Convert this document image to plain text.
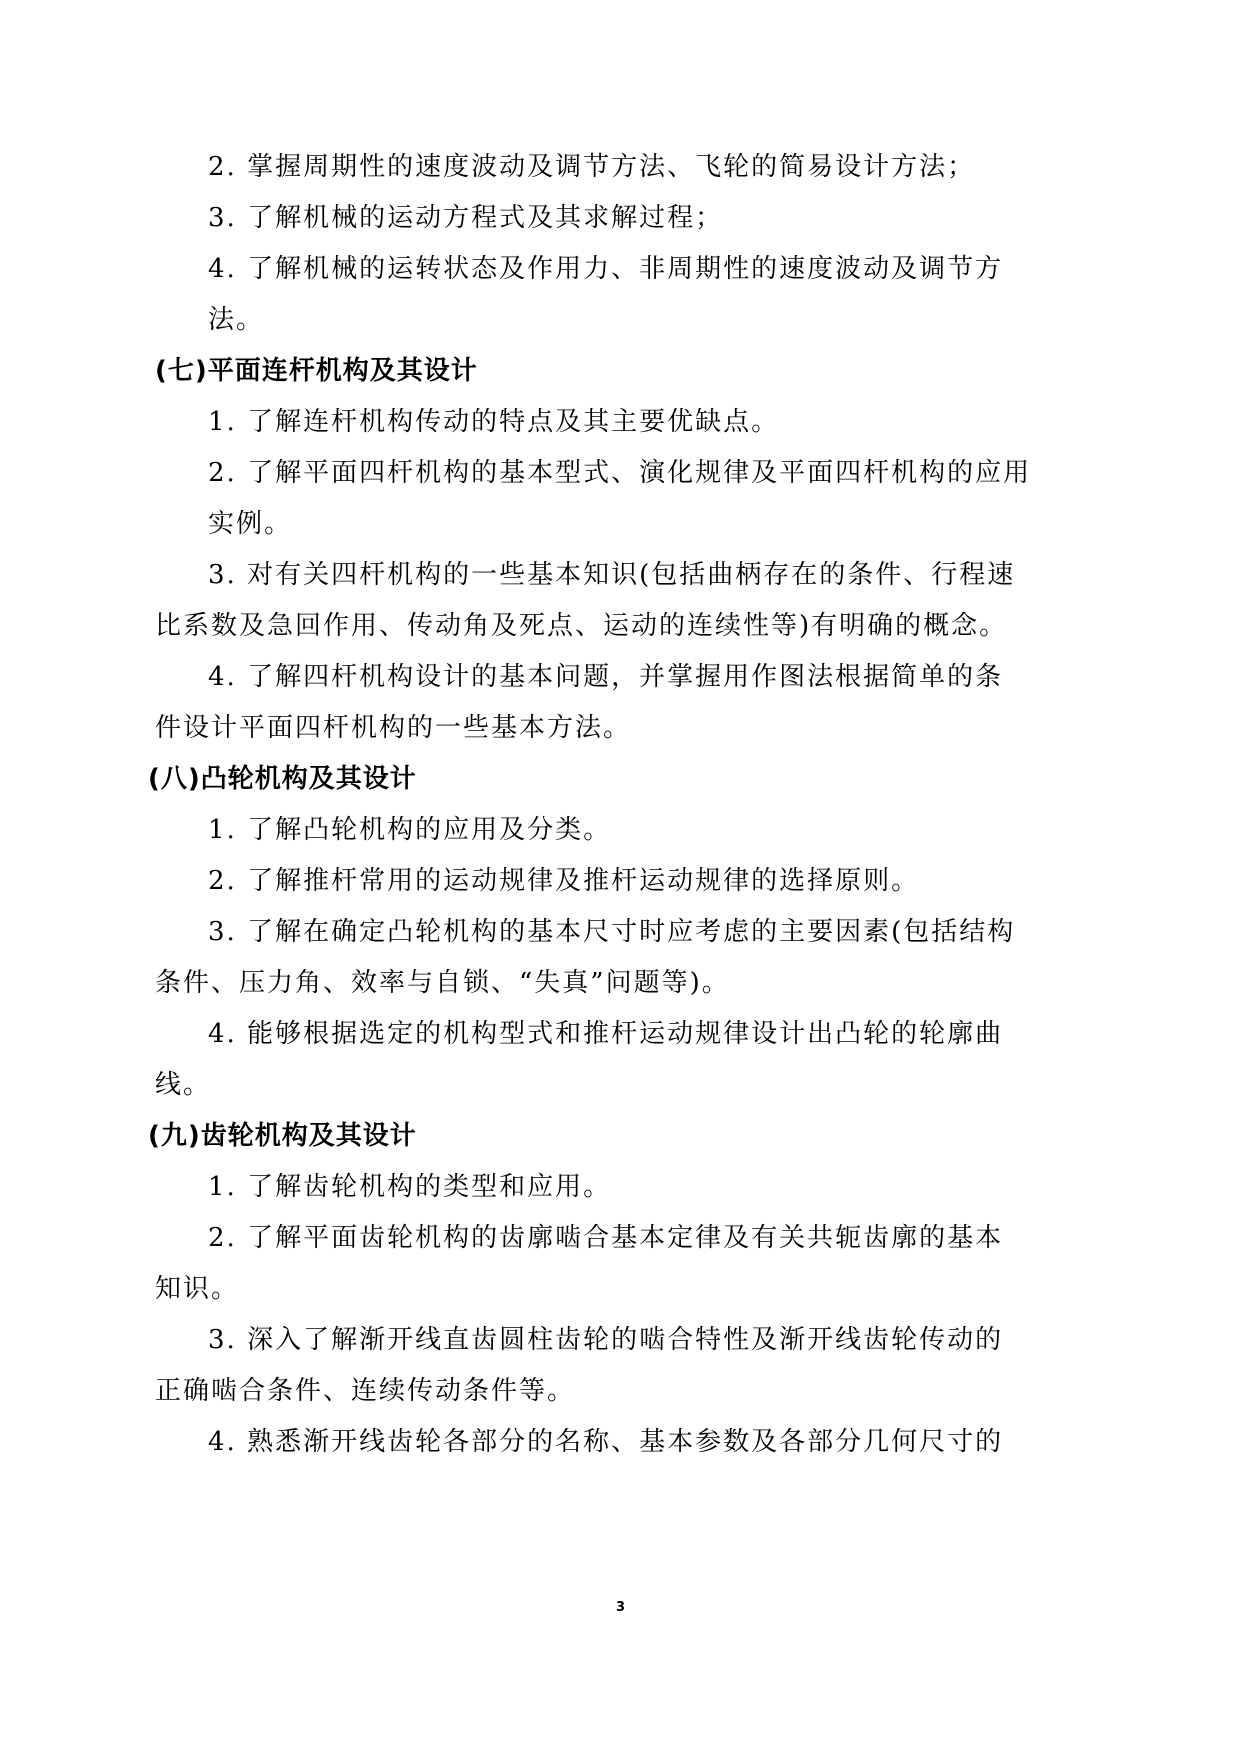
2. 掌握周期性的速度波动及调节方法、飞轮的简易设计方法；
3. 了解机械的运动方程式及其求解过程；
4. 了解机械的运转状态及作用力、非周期性的速度波动及调节方
法。
(七)平面连杆机构及其设计
1. 了解连杆机构传动的特点及其主要优缺点。
2. 了解平面四杆机构的基本型式、演化规律及平面四杆机构的应用
实例。
3. 对有关四杆机构的一些基本知识(包括曲柄存在的条件、行程速
比系数及急回作用、传动角及死点、运动的连续性等)有明确的概念。
4. 了解四杆机构设计的基本问题，并掌握用作图法根据简单的条
件设计平面四杆机构的一些基本方法。
(八)凸轮机构及其设计
1. 了解凸轮机构的应用及分类。
2. 了解推杆常用的运动规律及推杆运动规律的选择原则。
3. 了解在确定凸轮机构的基本尺寸时应考虑的主要因素(包括结构
条件、压力角、效率与自锁、“失真”问题等)。
4. 能够根据选定的机构型式和推杆运动规律设计出凸轮的轮廓曲
线。
(九)齿轮机构及其设计
1. 了解齿轮机构的类型和应用。
2. 了解平面齿轮机构的齿廓啮合基本定律及有关共轭齿廓的基本
知识。
3. 深入了解渐开线直齿圆柱齿轮的啮合特性及渐开线齿轮传动的
正确啮合条件、连续传动条件等。
4. 熟悉渐开线齿轮各部分的名称、基本参数及各部分几何尺寸的
3
